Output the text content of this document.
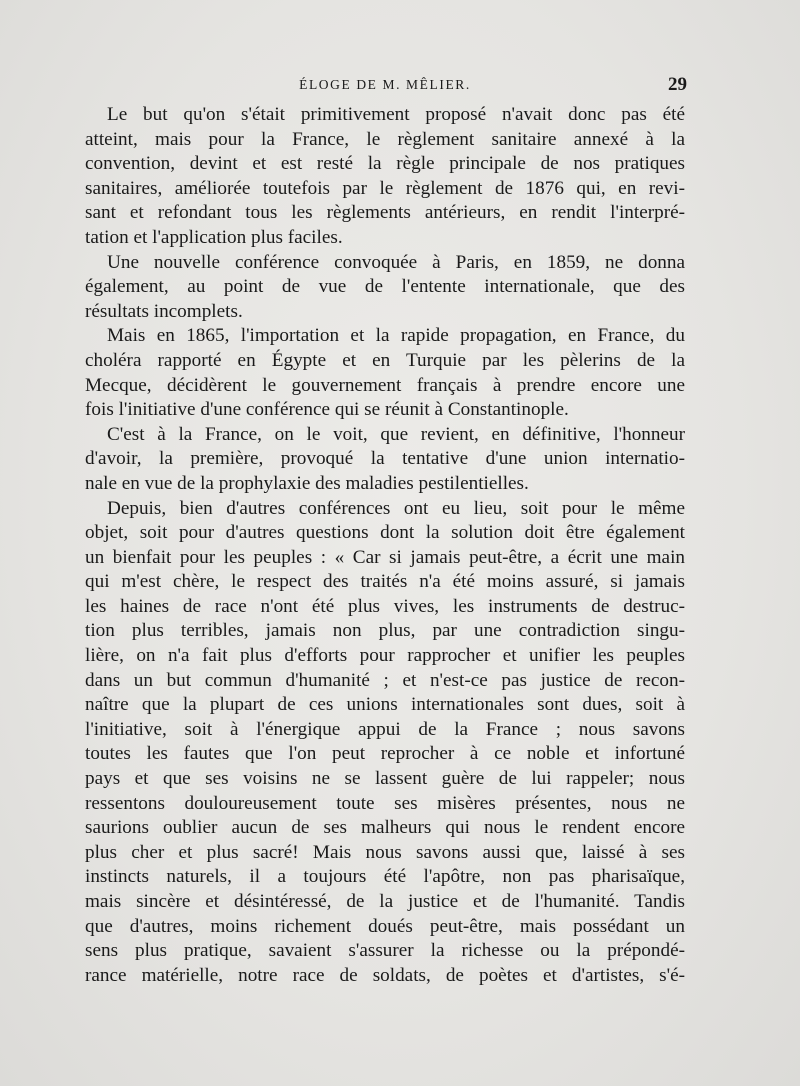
ÉLOGE DE M. MÊLIER.	29
Le but qu'on s'était primitivement proposé n'avait donc pas été
atteint, mais pour la France, le règlement sanitaire annexé à la
convention, devint et est resté la règle principale de nos pratiques
sanitaires, améliorée toutefois par le règlement de 1876 qui, en revi-
sant et refondant tous les règlements antérieurs, en rendit l'interpré-
tation et l'application plus faciles.
Une nouvelle conférence convoquée à Paris, en 1859, ne donna
également, au point de vue de l'entente internationale, que des
résultats incomplets.
Mais en 1865, l'importation et la rapide propagation, en France, du
choléra rapporté en Égypte et en Turquie par les pèlerins de la
Mecque, décidèrent le gouvernement français à prendre encore une
fois l'initiative d'une conférence qui se réunit à Constantinople.
C'est à la France, on le voit, que revient, en définitive, l'honneur
d'avoir, la première, provoqué la tentative d'une union internatio-
nale en vue de la prophylaxie des maladies pestilentielles.
Depuis, bien d'autres conférences ont eu lieu, soit pour le même
objet, soit pour d'autres questions dont la solution doit être également
un bienfait pour les peuples : « Car si jamais peut-être, a écrit une main
qui m'est chère, le respect des traités n'a été moins assuré, si jamais
les haines de race n'ont été plus vives, les instruments de destruc-
tion plus terribles, jamais non plus, par une contradiction singu-
lière, on n'a fait plus d'efforts pour rapprocher et unifier les peuples
dans un but commun d'humanité ; et n'est-ce pas justice de recon-
naître que la plupart de ces unions internationales sont dues, soit à
l'initiative, soit à l'énergique appui de la France ; nous savons
toutes les fautes que l'on peut reprocher à ce noble et infortuné
pays et que ses voisins ne se lassent guère de lui rappeler; nous
ressentons douloureusement toute ses misères présentes, nous ne
saurions oublier aucun de ses malheurs qui nous le rendent encore
plus cher et plus sacré! Mais nous savons aussi que, laissé à ses
instincts naturels, il a toujours été l'apôtre, non pas pharisaïque,
mais sincère et désintéressé, de la justice et de l'humanité. Tandis
que d'autres, moins richement doués peut-être, mais possédant un
sens plus pratique, savaient s'assurer la richesse ou la prépondé-
rance matérielle, notre race de soldats, de poètes et d'artistes, s'é-
